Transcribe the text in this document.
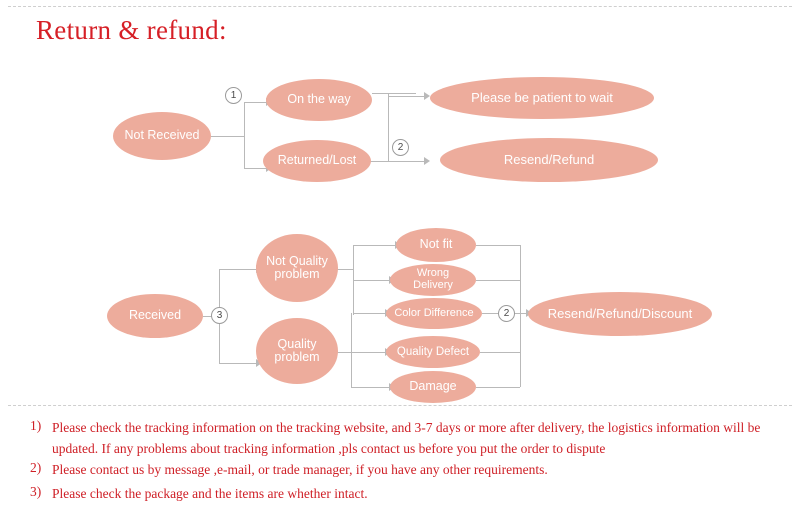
Return & refund:
Not Received
On the way
Returned/Lost
Please be patient to wait
Resend/Refund
1
2
Received
Not Quality problem
Quality problem
Not fit
Wrong Delivery
Color Difference
Quality Defect
Damage
Resend/Refund/Discount
3	2
1) Please check the tracking information on the tracking website, and 3-7 days or more after delivery, the logistics information will be updated. If any problems about tracking information ,pls contact us before you put the order to dispute
2) Please contact us by message ,e-mail, or trade manager, if you have any other requirements.
3) Please check the package and the items are whether intact.
